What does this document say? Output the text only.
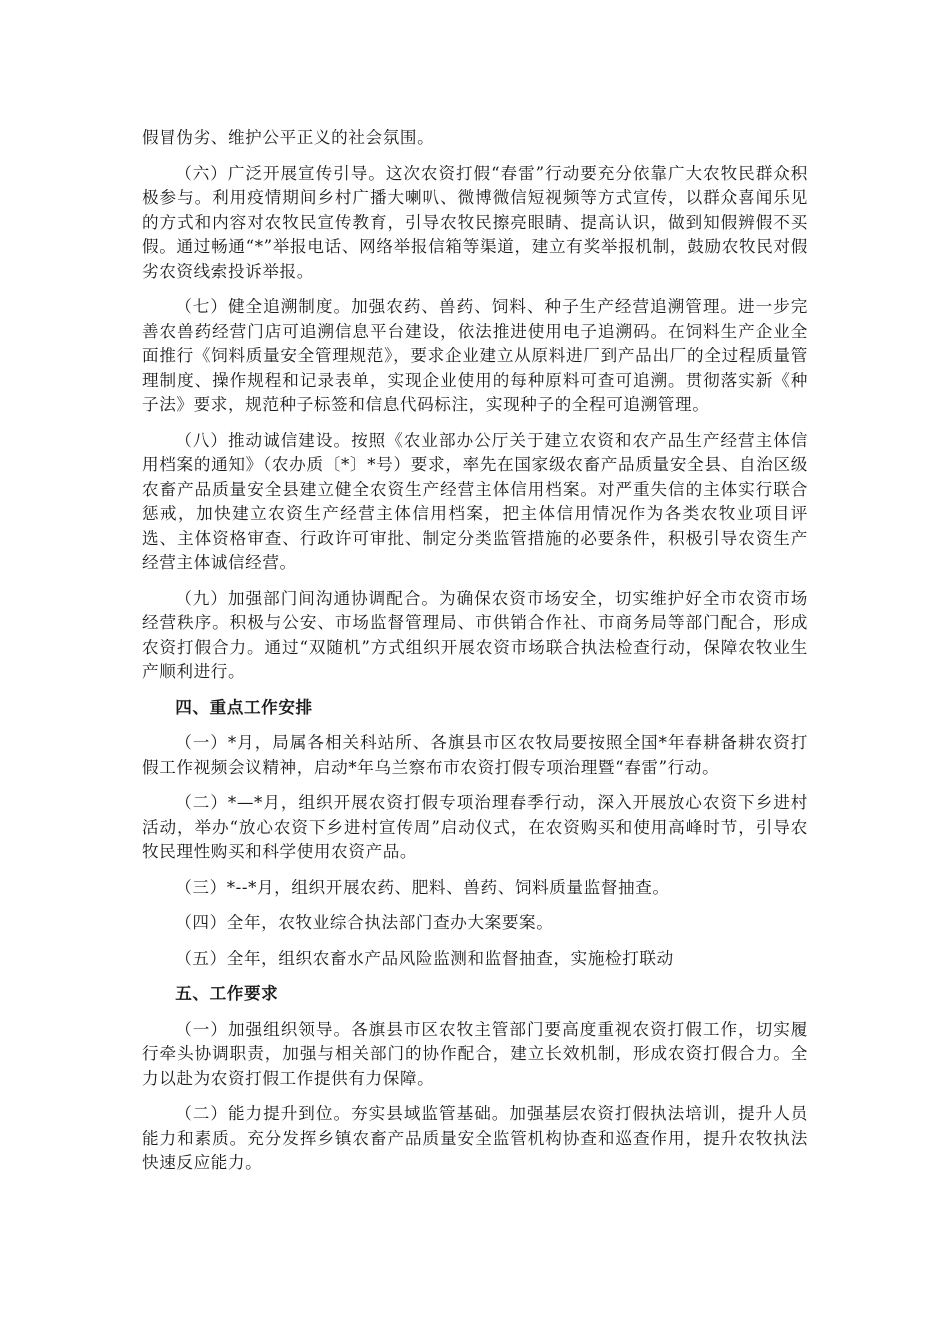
假冒伪劣、维护公平正义的社会氛围。

（六）广泛开展宣传引导。这次农资打假“春雷”行动要充分依靠广大农牧民群众积极参与。利用疫情期间乡村广播大喇叭、微博微信短视频等方式宣传，以群众喜闻乐见的方式和内容对农牧民宣传教育，引导农牧民擦亮眼睛、提高认识，做到知假辨假不买假。通过畅通“*”举报电话、网络举报信箱等渠道，建立有奖举报机制，鼓励农牧民对假劣农资线索投诉举报。

（七）健全追溯制度。加强农药、兽药、饲料、种子生产经营追溯管理。进一步完善农兽药经营门店可追溯信息平台建设，依法推进使用电子追溯码。在饲料生产企业全面推行《饲料质量安全管理规范》，要求企业建立从原料进厂到产品出厂的全过程质量管理制度、操作规程和记录表单，实现企业使用的每种原料可查可追溯。贯彻落实新《种子法》要求，规范种子标签和信息代码标注，实现种子的全程可追溯管理。

（八）推动诚信建设。按照《农业部办公厅关于建立农资和农产品生产经营主体信用档案的通知》（农办质〔*〕*号）要求，率先在国家级农畜产品质量安全县、自治区级农畜产品质量安全县建立健全农资生产经营主体信用档案。对严重失信的主体实行联合惩戒，加快建立农资生产经营主体信用档案，把主体信用情况作为各类农牧业项目评选、主体资格审查、行政许可审批、制定分类监管措施的必要条件，积极引导农资生产经营主体诚信经营。

（九）加强部门间沟通协调配合。为确保农资市场安全，切实维护好全市农资市场经营秩序。积极与公安、市场监督管理局、市供销合作社、市商务局等部门配合，形成农资打假合力。通过“双随机”方式组织开展农资市场联合执法检查行动，保障农牧业生产顺利进行。

四、重点工作安排

（一）*月，局属各相关科站所、各旗县市区农牧局要按照全国*年春耕备耕农资打假工作视频会议精神，启动*年乌兰察布市农资打假专项治理暨“春雷”行动。

（二）*—*月，组织开展农资打假专项治理春季行动，深入开展放心农资下乡进村活动，举办“放心农资下乡进村宣传周”启动仪式，在农资购买和使用高峰时节，引导农牧民理性购买和科学使用农资产品。

（三）*--*月，组织开展农药、肥料、兽药、饲料质量监督抽查。

（四）全年，农牧业综合执法部门查办大案要案。

（五）全年，组织农畜水产品风险监测和监督抽查，实施检打联动

五、工作要求

（一）加强组织领导。各旗县市区农牧主管部门要高度重视农资打假工作，切实履行牵头协调职责，加强与相关部门的协作配合，建立长效机制，形成农资打假合力。全力以赴为农资打假工作提供有力保障。

（二）能力提升到位。夯实县域监管基础。加强基层农资打假执法培训，提升人员能力和素质。充分发挥乡镇农畜产品质量安全监管机构协查和巡查作用，提升农牧执法快速反应能力。
